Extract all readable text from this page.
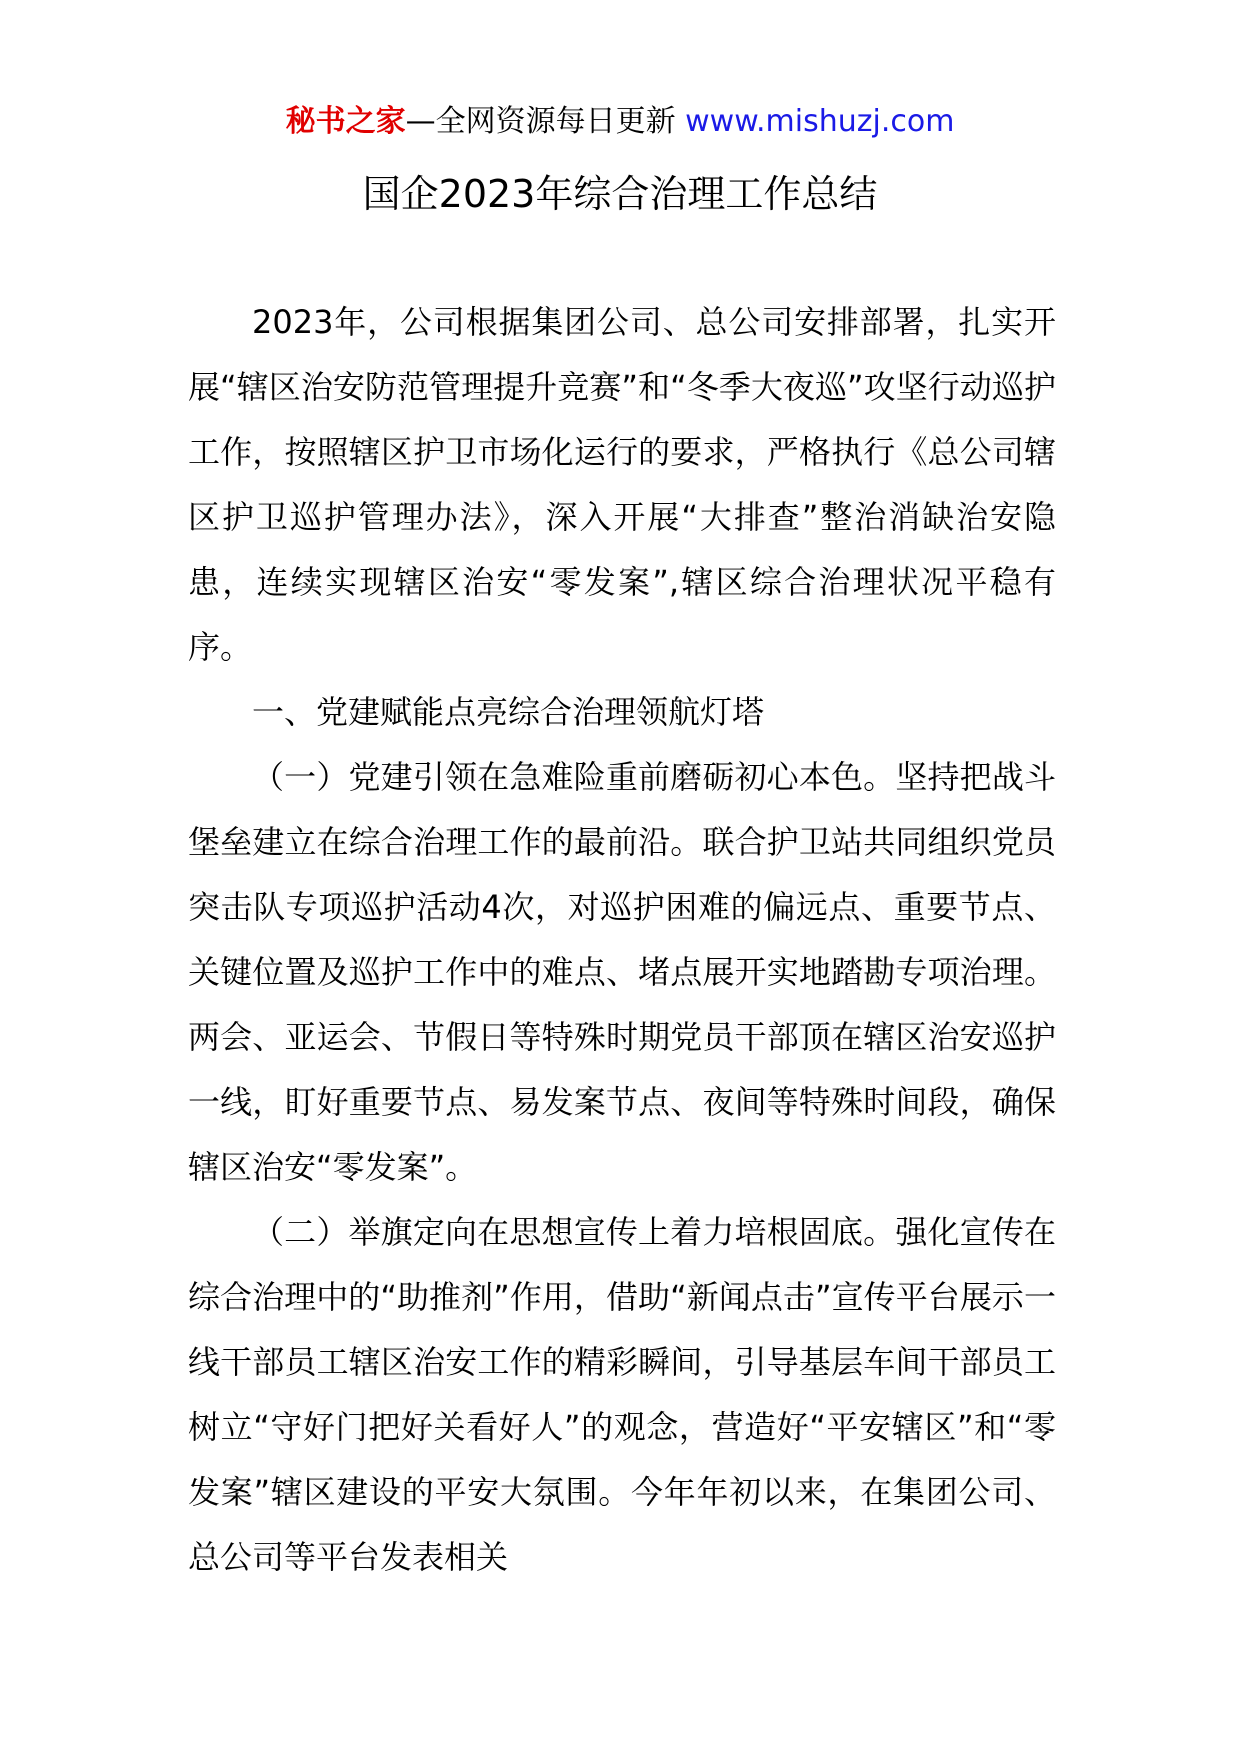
秘书之家—全网资源每日更新 www.mishuzj.com
国企2023年综合治理工作总结

2023年，公司根据集团公司、总公司安排部署，扎实开展“辖区治安防范管理提升竞赛”和“冬季大夜巡”攻坚行动巡护工作，按照辖区护卫市场化运行的要求，严格执行《总公司辖区护卫巡护管理办法》，深入开展“大排查”整治消缺治安隐患，连续实现辖区治安“零发案”,辖区综合治理状况平稳有序。

一、党建赋能点亮综合治理领航灯塔

（一）党建引领在急难险重前磨砺初心本色。坚持把战斗堡垒建立在综合治理工作的最前沿。联合护卫站共同组织党员突击队专项巡护活动4次，对巡护困难的偏远点、重要节点、关键位置及巡护工作中的难点、堵点展开实地踏勘专项治理。两会、亚运会、节假日等特殊时期党员干部顶在辖区治安巡护一线，盯好重要节点、易发案节点、夜间等特殊时间段，确保辖区治安“零发案”。

（二）举旗定向在思想宣传上着力培根固底。强化宣传在综合治理中的“助推剂”作用，借助“新闻点击”宣传平台展示一线干部员工辖区治安工作的精彩瞬间，引导基层车间干部员工树立“守好门把好关看好人”的观念，营造好“平安辖区”和“零发案”辖区建设的平安大氛围。今年年初以来，在集团公司、总公司等平台发表相关
